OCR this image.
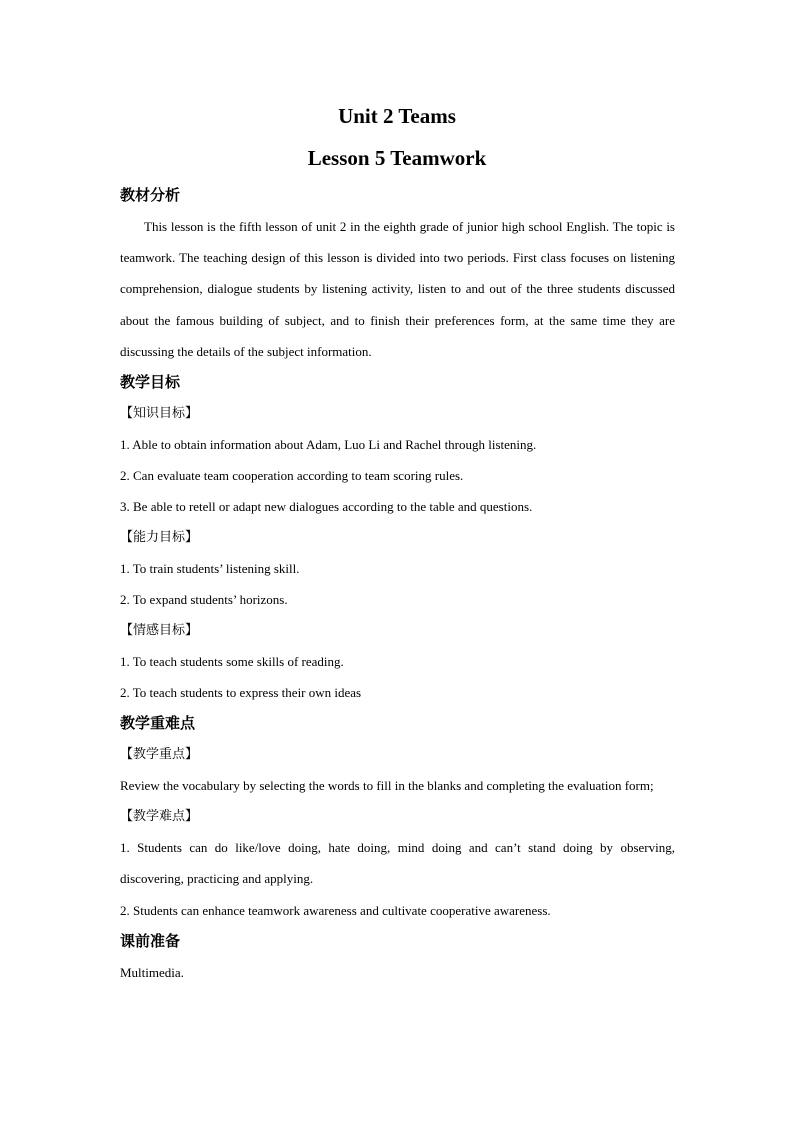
Unit 2 Teams
Lesson 5 Teamwork
教材分析

This lesson is the fifth lesson of unit 2 in the eighth grade of junior high school English. The topic is teamwork. The teaching design of this lesson is divided into two periods. First class focuses on listening comprehension, dialogue students by listening activity, listen to and out of the three students discussed about the famous building of subject, and to finish their preferences form, at the same time they are discussing the details of the subject information.

教学目标
【知识目标】
1. Able to obtain information about Adam, Luo Li and Rachel through listening.
2. Can evaluate team cooperation according to team scoring rules.
3. Be able to retell or adapt new dialogues according to the table and questions.
【能力目标】
1. To train students’ listening skill.
2. To expand students’ horizons.
【情感目标】
1. To teach students some skills of reading.
2. To teach students to express their own ideas
教学重难点
【教学重点】

Review the vocabulary by selecting the words to fill in the blanks and completing the evaluation form;

【教学难点】

1. Students can do like/love doing, hate doing, mind doing and can’t stand doing by observing, discovering, practicing and applying.

2. Students can enhance teamwork awareness and cultivate cooperative awareness.

课前准备
Multimedia.
